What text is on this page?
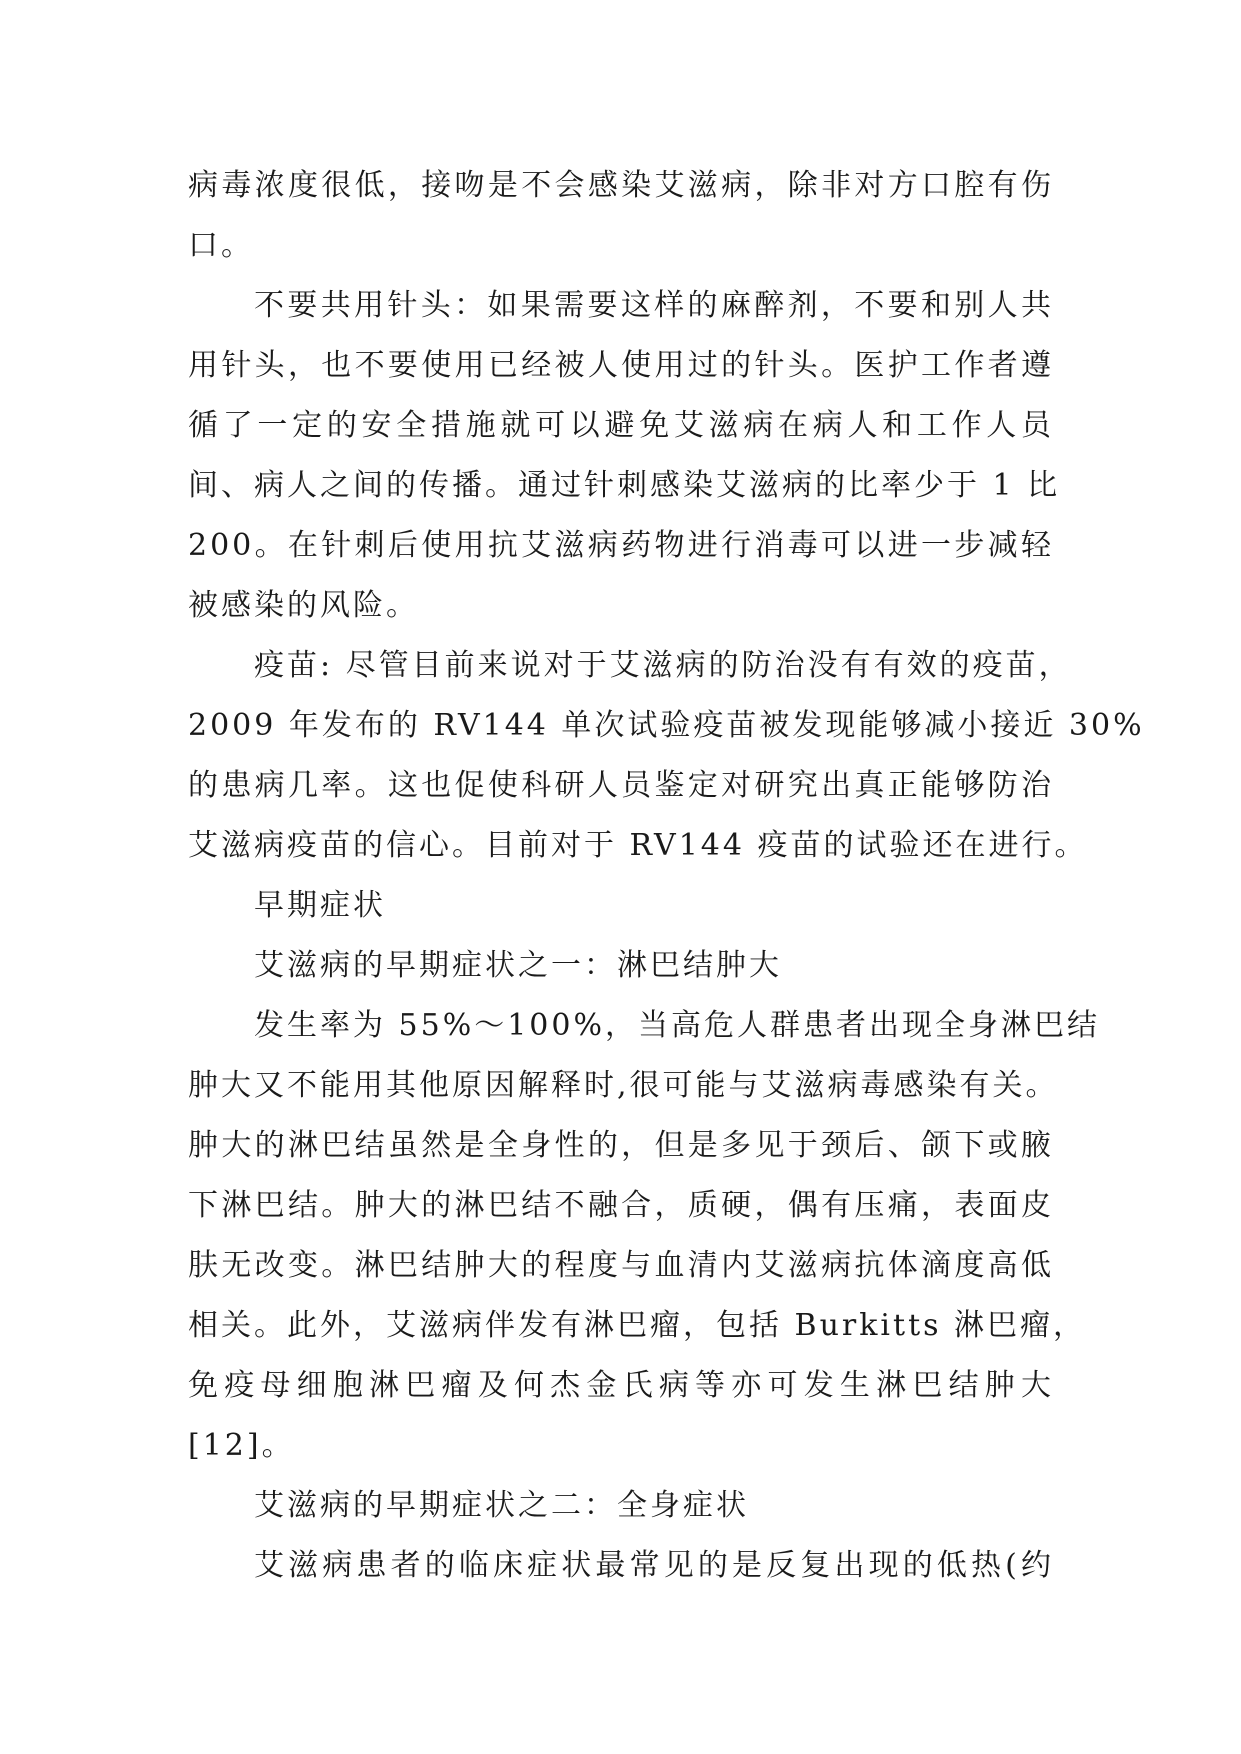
病毒浓度很低，接吻是不会感染艾滋病，除非对方口腔有伤
口。
不要共用针头：如果需要这样的麻醉剂，不要和别人共
用针头，也不要使用已经被人使用过的针头。医护工作者遵
循了一定的安全措施就可以避免艾滋病在病人和工作人员
间、病人之间的传播。通过针刺感染艾滋病的比率少于 1 比
200。在针刺后使用抗艾滋病药物进行消毒可以进一步减轻
被感染的风险。
疫苗: 尽管目前来说对于艾滋病的防治没有有效的疫苗，
2009 年发布的 RV144 单次试验疫苗被发现能够减小接近 30%
的患病几率。这也促使科研人员鉴定对研究出真正能够防治
艾滋病疫苗的信心。目前对于 RV144 疫苗的试验还在进行。
早期症状
艾滋病的早期症状之一：淋巴结肿大
发生率为 55%～100%，当高危人群患者出现全身淋巴结
肿大又不能用其他原因解释时,很可能与艾滋病毒感染有关。
肿大的淋巴结虽然是全身性的，但是多见于颈后、颌下或腋
下淋巴结。肿大的淋巴结不融合，质硬，偶有压痛，表面皮
肤无改变。淋巴结肿大的程度与血清内艾滋病抗体滴度高低
相关。此外，艾滋病伴发有淋巴瘤，包括 Burkitts 淋巴瘤，
免疫母细胞淋巴瘤及何杰金氏病等亦可发生淋巴结肿大
[12]。
艾滋病的早期症状之二：全身症状
艾滋病患者的临床症状最常见的是反复出现的低热(约
